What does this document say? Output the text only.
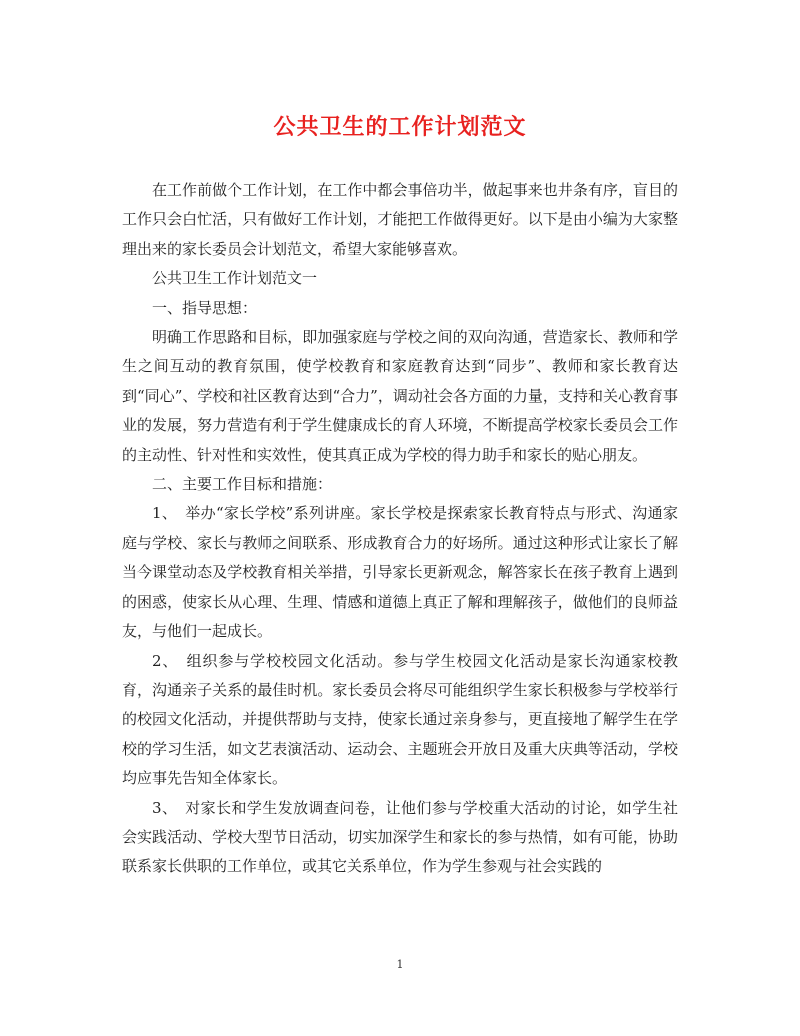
公共卫生的工作计划范文

在工作前做个工作计划，在工作中都会事倍功半，做起事来也井条有序，盲目的工作只会白忙活，只有做好工作计划，才能把工作做得更好。以下是由小编为大家整理出来的家长委员会计划范文，希望大家能够喜欢。

公共卫生工作计划范文一

一、指导思想：

明确工作思路和目标，即加强家庭与学校之间的双向沟通，营造家长、教师和学生之间互动的教育氛围，使学校教育和家庭教育达到“同步”、教师和家长教育达到“同心”、学校和社区教育达到“合力”，调动社会各方面的力量，支持和关心教育事业的发展，努力营造有利于学生健康成长的育人环境，不断提高学校家长委员会工作的主动性、针对性和实效性，使其真正成为学校的得力助手和家长的贴心朋友。

二、主要工作目标和措施：

1、　举办“家长学校”系列讲座。家长学校是探索家长教育特点与形式、沟通家庭与学校、家长与教师之间联系、形成教育合力的好场所。通过这种形式让家长了解当今课堂动态及学校教育相关举措，引导家长更新观念，解答家长在孩子教育上遇到的困惑，使家长从心理、生理、情感和道德上真正了解和理解孩子，做他们的良师益友，与他们一起成长。

2、　组织参与学校校园文化活动。参与学生校园文化活动是家长沟通家校教育，沟通亲子关系的最佳时机。家长委员会将尽可能组织学生家长积极参与学校举行的校园文化活动，并提供帮助与支持，使家长通过亲身参与，更直接地了解学生在学校的学习生活，如文艺表演活动、运动会、主题班会开放日及重大庆典等活动，学校均应事先告知全体家长。

3、　对家长和学生发放调查问卷，让他们参与学校重大活动的讨论，如学生社会实践活动、学校大型节日活动，切实加深学生和家长的参与热情，如有可能，协助联系家长供职的工作单位，或其它关系单位，作为学生参观与社会实践的

1
